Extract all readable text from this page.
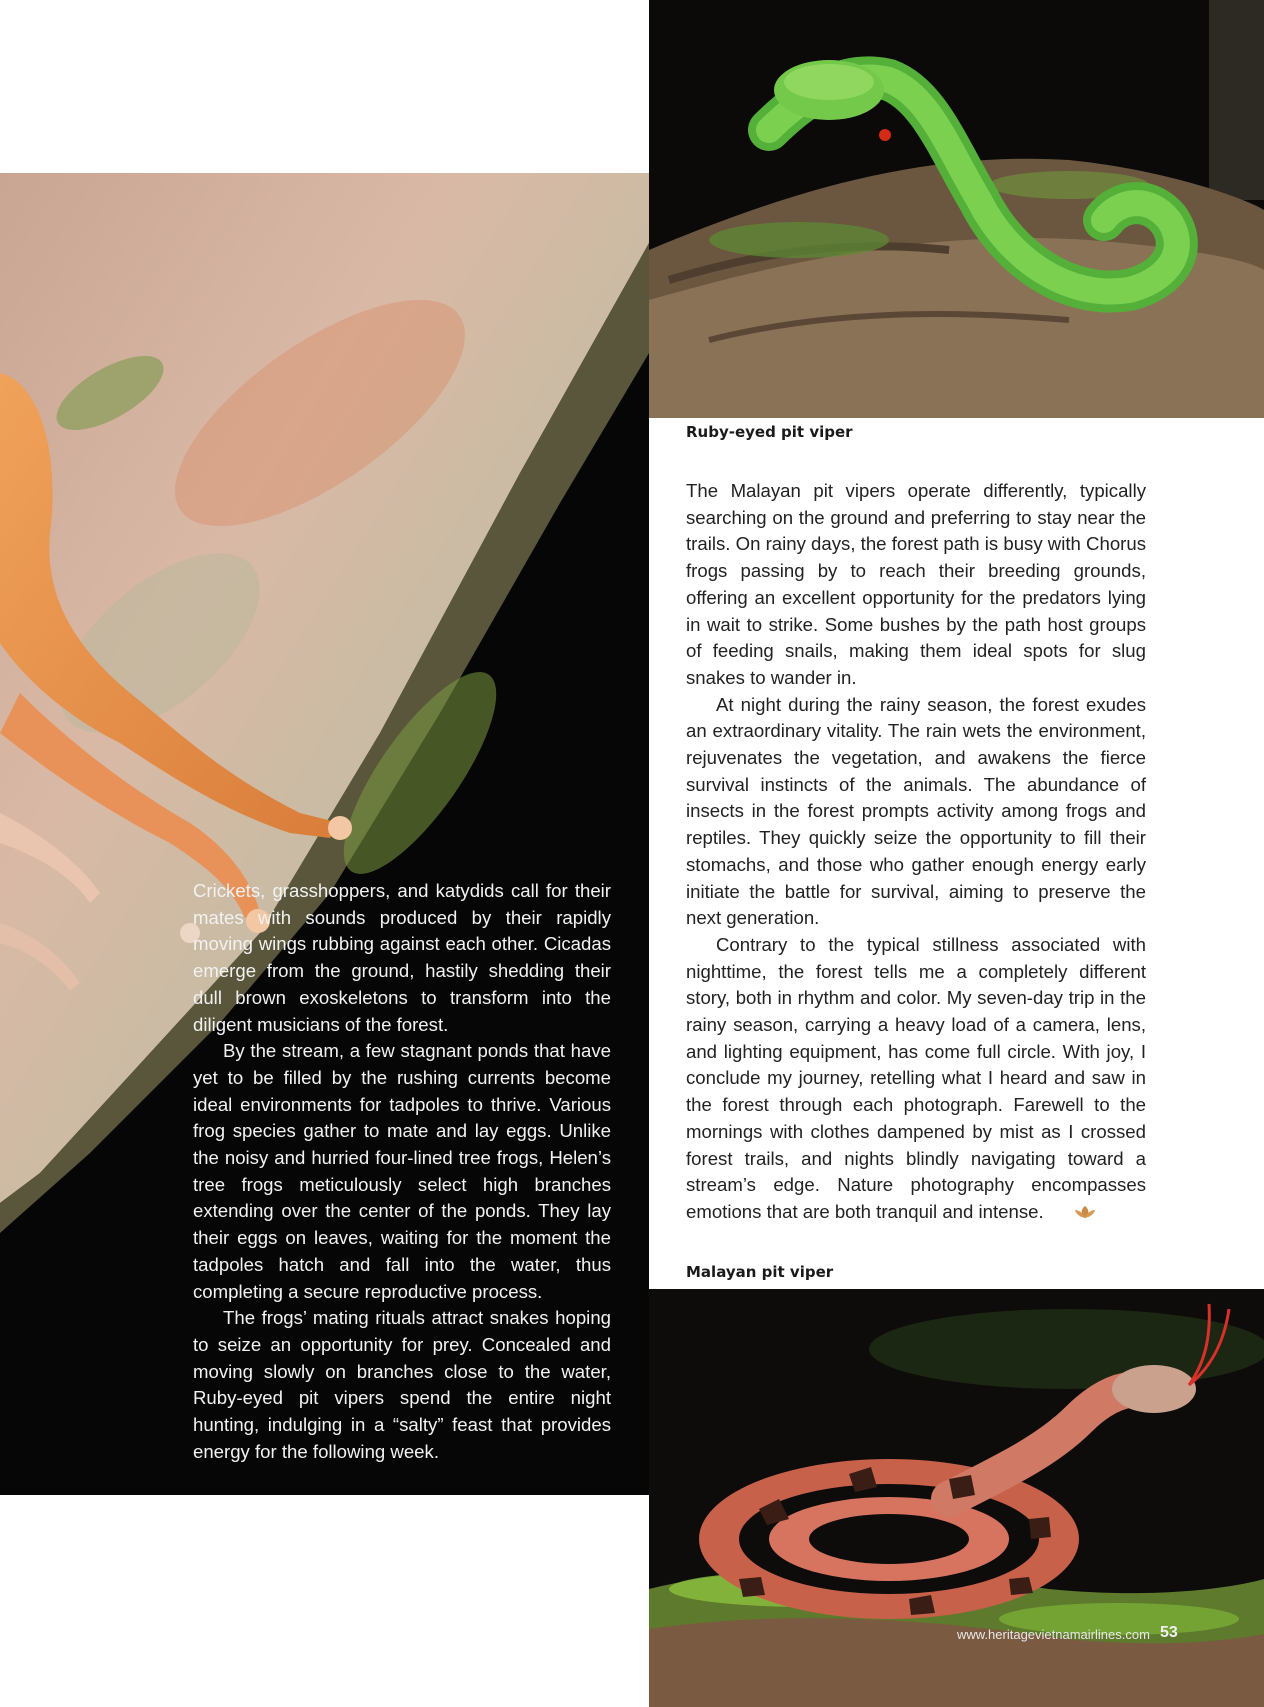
Crickets, grasshoppers, and katydids call for their mates with sounds produced by their rapidly moving wings rubbing against each other. Cicadas emerge from the ground, hastily shedding their dull brown exoskeletons to transform into the diligent musicians of the forest.

By the stream, a few stagnant ponds that have yet to be filled by the rushing currents become ideal environments for tadpoles to thrive. Various frog species gather to mate and lay eggs. Unlike the noisy and hurried four-lined tree frogs, Helen’s tree frogs meticulously select high branches extending over the center of the ponds. They lay their eggs on leaves, waiting for the moment the tadpoles hatch and fall into the water, thus completing a secure reproductive process.

The frogs’ mating rituals attract snakes hoping to seize an opportunity for prey. Concealed and moving slowly on branches close to the water, Ruby-eyed pit vipers spend the entire night hunting, indulging in a “salty” feast that provides energy for the following week.

Ruby-eyed pit viper

The Malayan pit vipers operate differently, typically searching on the ground and preferring to stay near the trails. On rainy days, the forest path is busy with Chorus frogs passing by to reach their breeding grounds, offering an excellent opportunity for the predators lying in wait to strike. Some bushes by the path host groups of feeding snails, making them ideal spots for slug snakes to wander in.

At night during the rainy season, the forest exudes an extraordinary vitality. The rain wets the environment, rejuvenates the vegetation, and awakens the fierce survival instincts of the animals. The abundance of insects in the forest prompts activity among frogs and reptiles. They quickly seize the opportunity to fill their stomachs, and those who gather enough energy early initiate the battle for survival, aiming to preserve the next generation.

Contrary to the typical stillness associated with nighttime, the forest tells me a completely different story, both in rhythm and color. My seven-day trip in the rainy season, carrying a heavy load of a camera, lens, and lighting equipment, has come full circle. With joy, I conclude my journey, retelling what I heard and saw in the forest through each photograph. Farewell to the mornings with clothes dampened by mist as I crossed forest trails, and nights blindly navigating toward a stream’s edge. Nature photography encompasses emotions that are both tranquil and intense.

Malayan pit viper
www.heritagevietnamairlines.com 53
